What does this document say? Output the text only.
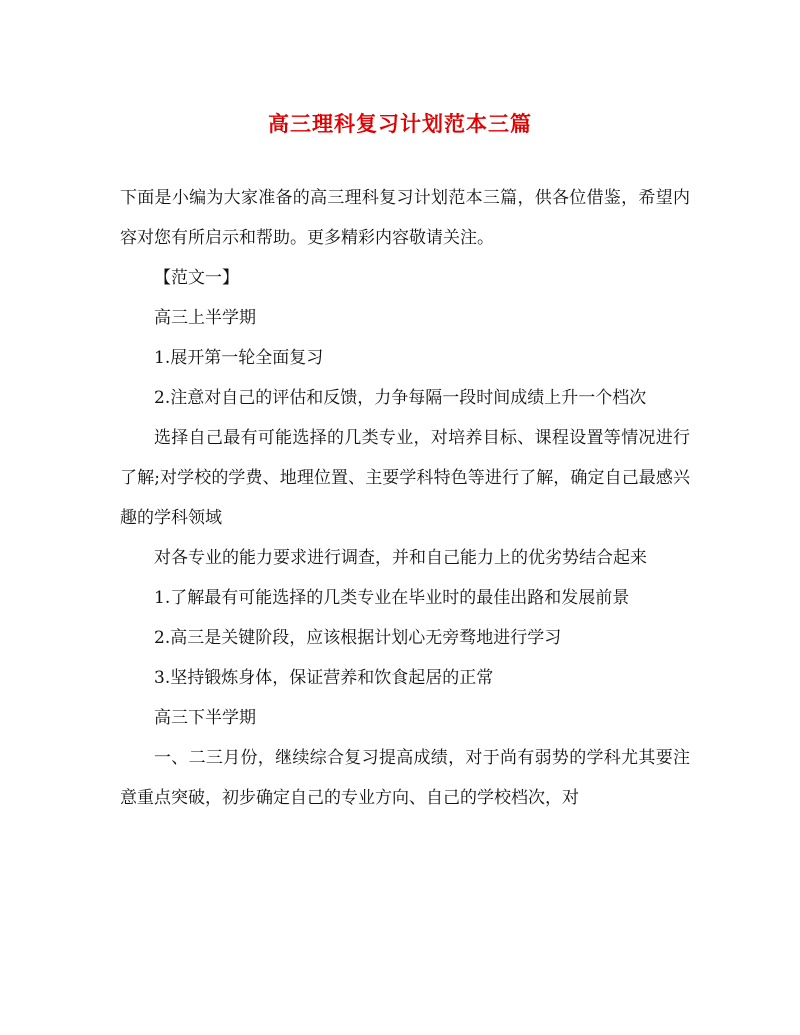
高三理科复习计划范本三篇

下面是小编为大家准备的高三理科复习计划范本三篇，供各位借鉴，希望内容对您有所启示和帮助。更多精彩内容敬请关注。

【范文一】

高三上半学期

1.展开第一轮全面复习

2.注意对自己的评估和反馈，力争每隔一段时间成绩上升一个档次

选择自己最有可能选择的几类专业，对培养目标、课程设置等情况进行了解;对学校的学费、地理位置、主要学科特色等进行了解，确定自己最感兴趣的学科领域

对各专业的能力要求进行调查，并和自己能力上的优劣势结合起来

1.了解最有可能选择的几类专业在毕业时的最佳出路和发展前景

2.高三是关键阶段，应该根据计划心无旁骛地进行学习

3.坚持锻炼身体，保证营养和饮食起居的正常

高三下半学期

一、二三月份，继续综合复习提高成绩，对于尚有弱势的学科尤其要注意重点突破，初步确定自己的专业方向、自己的学校档次，对
